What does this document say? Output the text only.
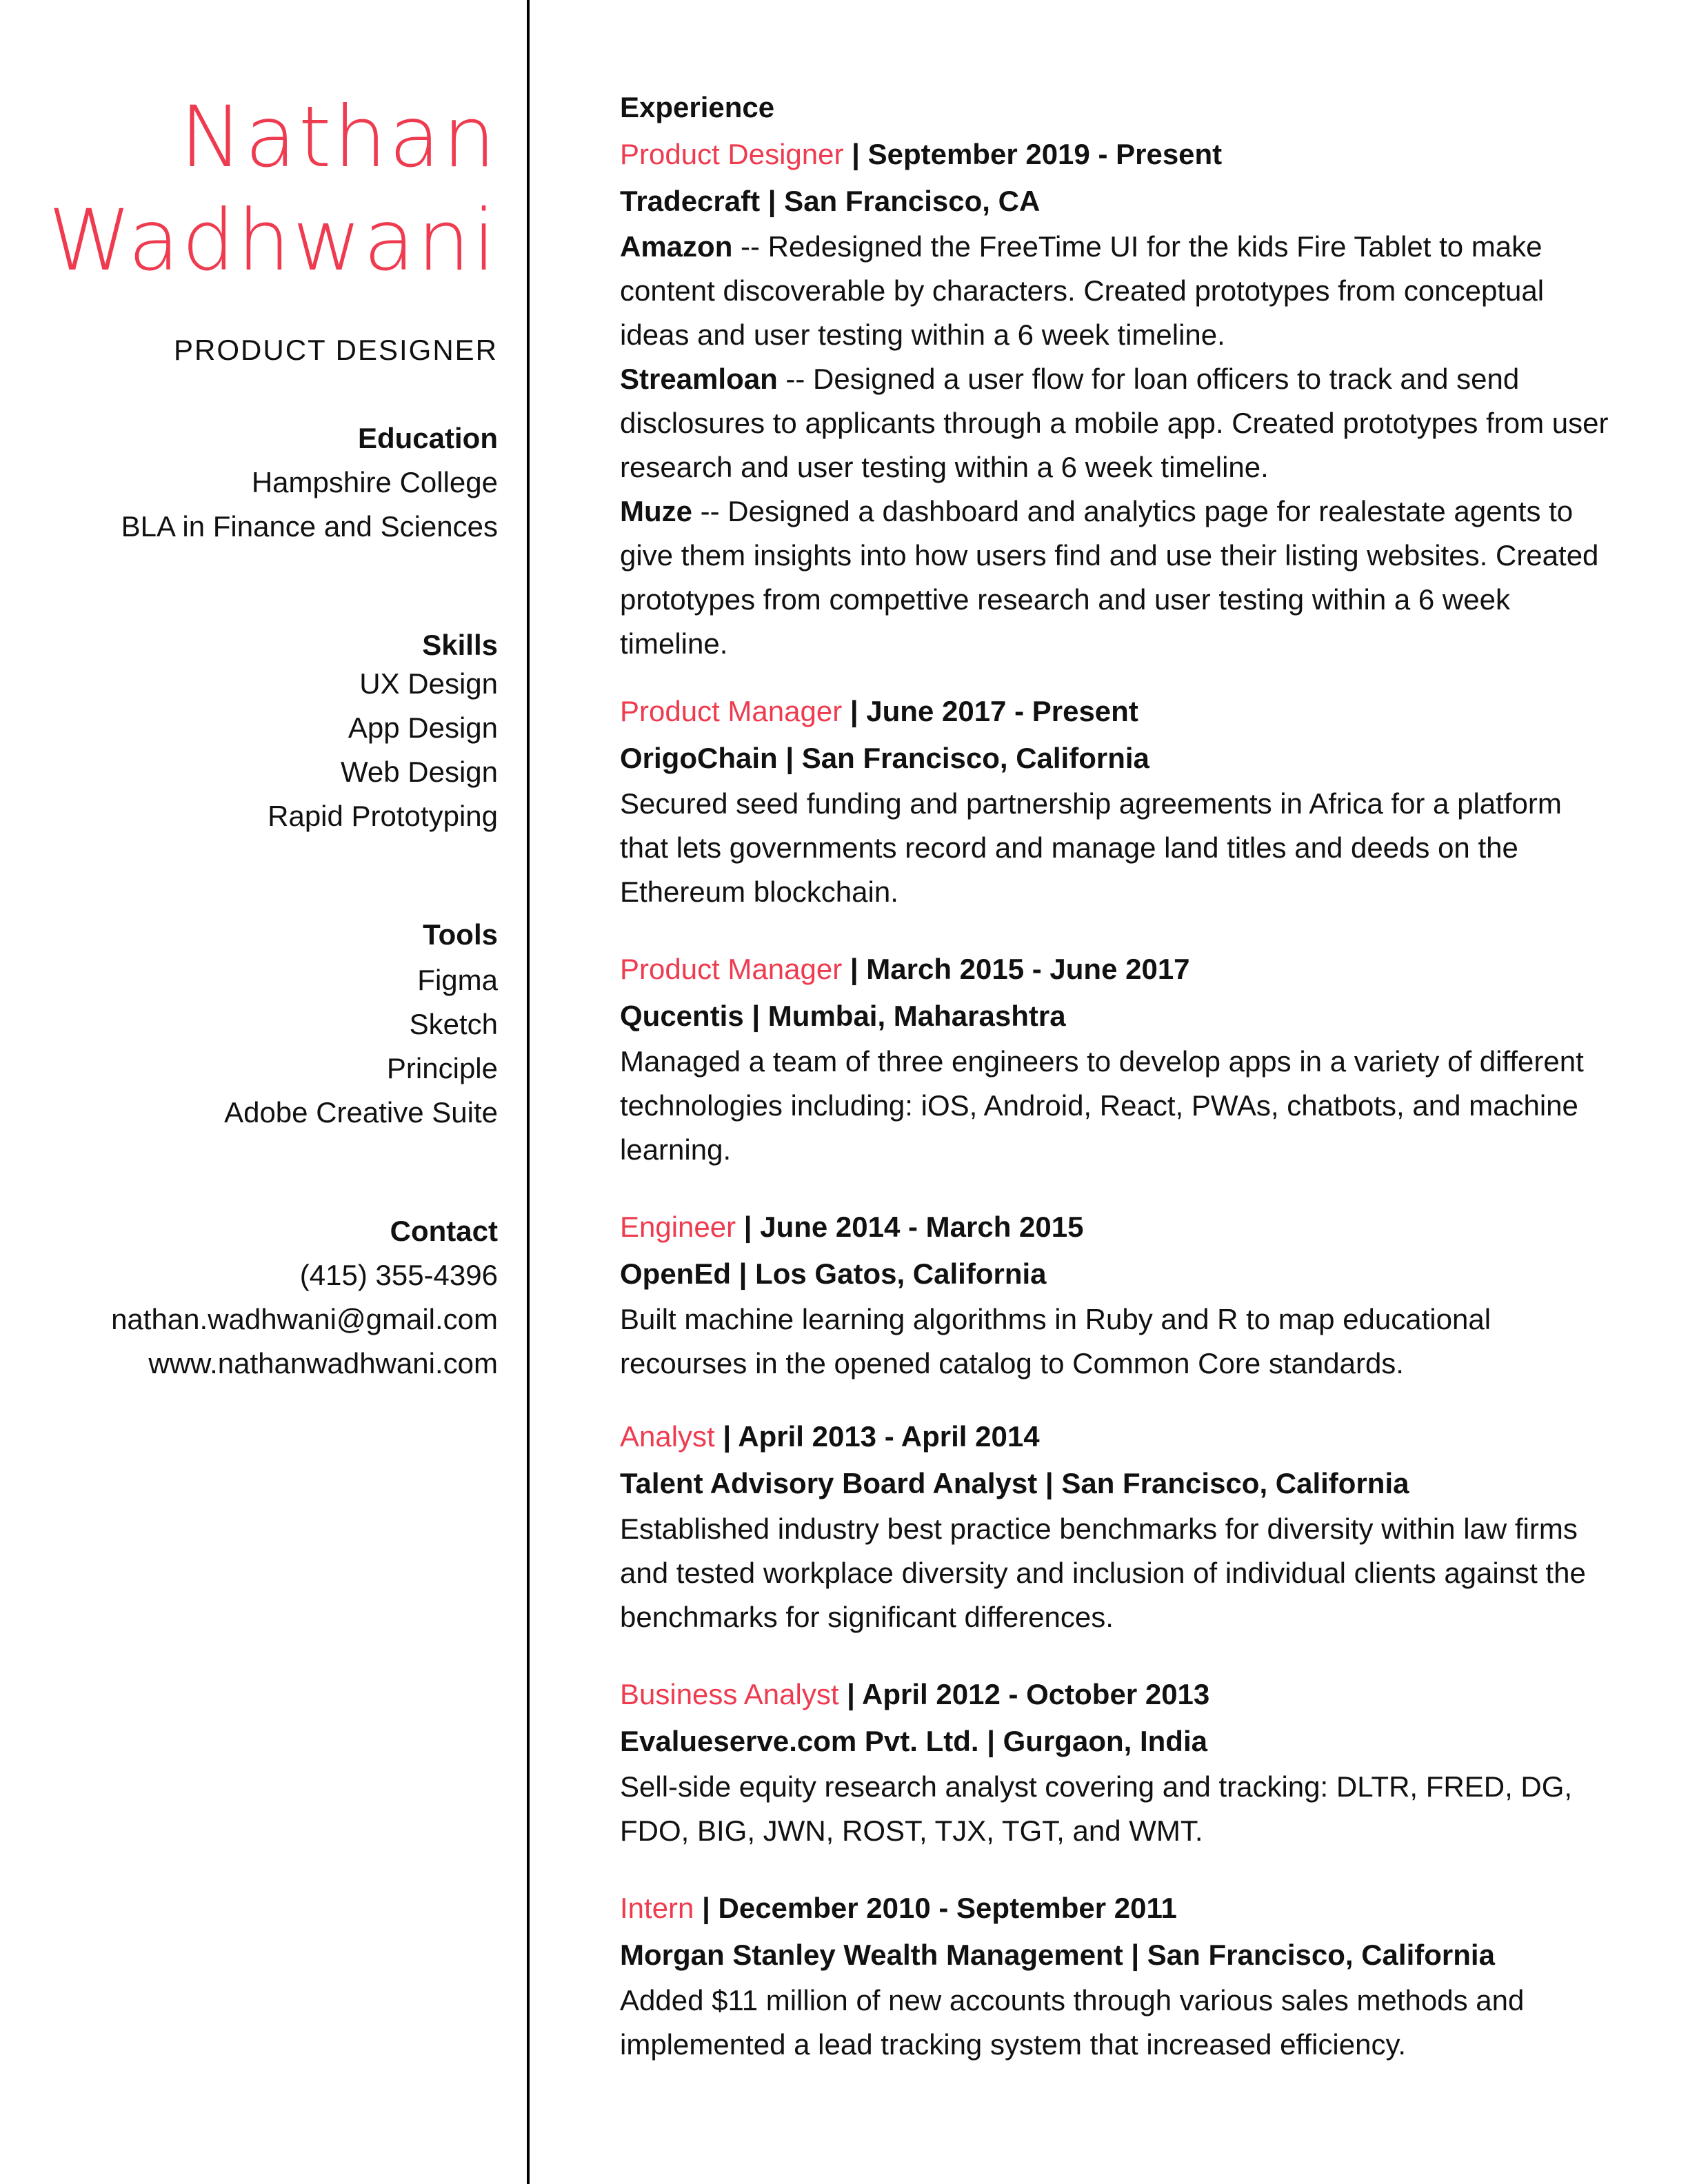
Nathan
Wadhwani
PRODUCT DESIGNER
Education
Hampshire College
BLA in Finance and Sciences
Skills
UX Design
App Design
Web Design
Rapid Prototyping
Tools
Figma
Sketch
Principle
Adobe Creative Suite
Contact
(415) 355-4396
nathan.wadhwani@gmail.com
www.nathanwadhwani.com
Experience
Product Designer | September 2019 - Present
Tradecraft | San Francisco, CA

Amazon -- Redesigned the FreeTime UI for the kids Fire Tablet to make content discoverable by characters. Created prototypes from conceptual ideas and user testing within a 6 week timeline.

Streamloan -- Designed a user flow for loan officers to track and send disclosures to applicants through a mobile app. Created prototypes from user research and user testing within a 6 week timeline.

Muze -- Designed a dashboard and analytics page for realestate agents to give them insights into how users find and use their listing websites. Created prototypes from compettive research and user testing within a 6 week timeline.

Product Manager | June 2017 - Present
OrigoChain | San Francisco, California

Secured seed funding and partnership agreements in Africa for a platform that lets governments record and manage land titles and deeds on the Ethereum blockchain.

Product Manager | March 2015 - June 2017
Qucentis | Mumbai, Maharashtra

Managed a team of three engineers to develop apps in a variety of different technologies including: iOS, Android, React, PWAs, chatbots, and machine learning.

Engineer | June 2014 - March 2015
OpenEd | Los Gatos, California

Built machine learning algorithms in Ruby and R to map educational recourses in the opened catalog to Common Core standards.

Analyst | April 2013 - April 2014
Talent Advisory Board Analyst | San Francisco, California

Established industry best practice benchmarks for diversity within law firms and tested workplace diversity and inclusion of individual clients against the benchmarks for significant differences.

Business Analyst | April 2012 - October 2013
Evalueserve.com Pvt. Ltd. | Gurgaon, India

Sell-side equity research analyst covering and tracking: DLTR, FRED, DG, FDO, BIG, JWN, ROST, TJX, TGT, and WMT.

Intern | December 2010 - September 2011
Morgan Stanley Wealth Management | San Francisco, California

Added $11 million of new accounts through various sales methods and implemented a lead tracking system that increased efficiency.
